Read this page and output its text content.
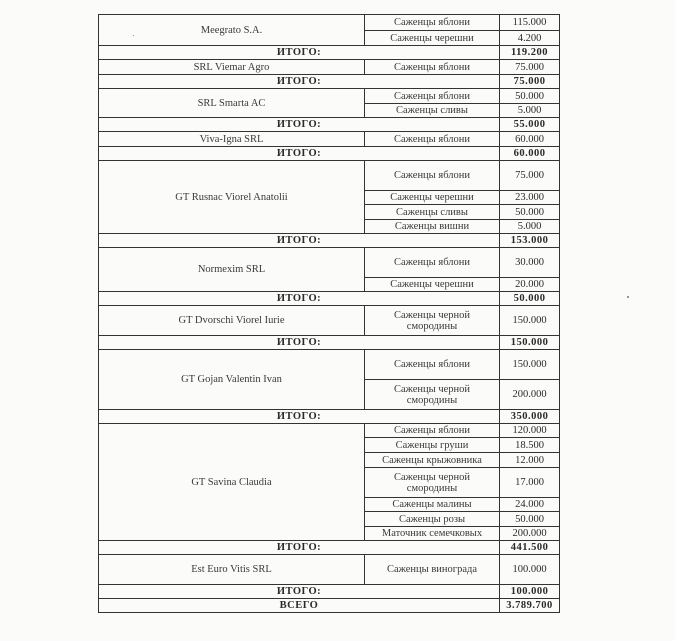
Meegrato S.A.	Саженцы яблони	115.000
	Саженцы черешни	4.200
ИТОГО:		119.200
SRL Viemar Agro	Саженцы яблони	75.000
ИТОГО:		75.000
SRL Smarta AC	Саженцы яблони	50.000
	Саженцы сливы	5.000
ИТОГО:		55.000
Viva-Igna SRL	Саженцы яблони	60.000
ИТОГО:		60.000
GT Rusnac Viorel Anatolii	Саженцы яблони	75.000
	Саженцы черешни	23.000
	Саженцы сливы	50.000
	Саженцы вишни	5.000
ИТОГО:		153.000
Normexim SRL	Саженцы яблони	30.000
	Саженцы черешни	20.000
ИТОГО:		50.000
GT Dvorschi Viorel Iurie	Саженцы черной смородины	150.000
ИТОГО:		150.000
GT Gojan Valentin Ivan	Саженцы яблони	150.000
	Саженцы черной смородины	200.000
ИТОГО:		350.000
GT Savina Claudia	Саженцы яблони	120.000
	Саженцы груши	18.500
	Саженцы крыжовника	12.000
	Саженцы черной смородины	17.000
	Саженцы малины	24.000
	Саженцы розы	50.000
	Маточник семечковых	200.000
ИТОГО:		441.500
Est Euro Vitis SRL	Саженцы винограда	100.000
ИТОГО:		100.000
ВСЕГО		3.789.700
